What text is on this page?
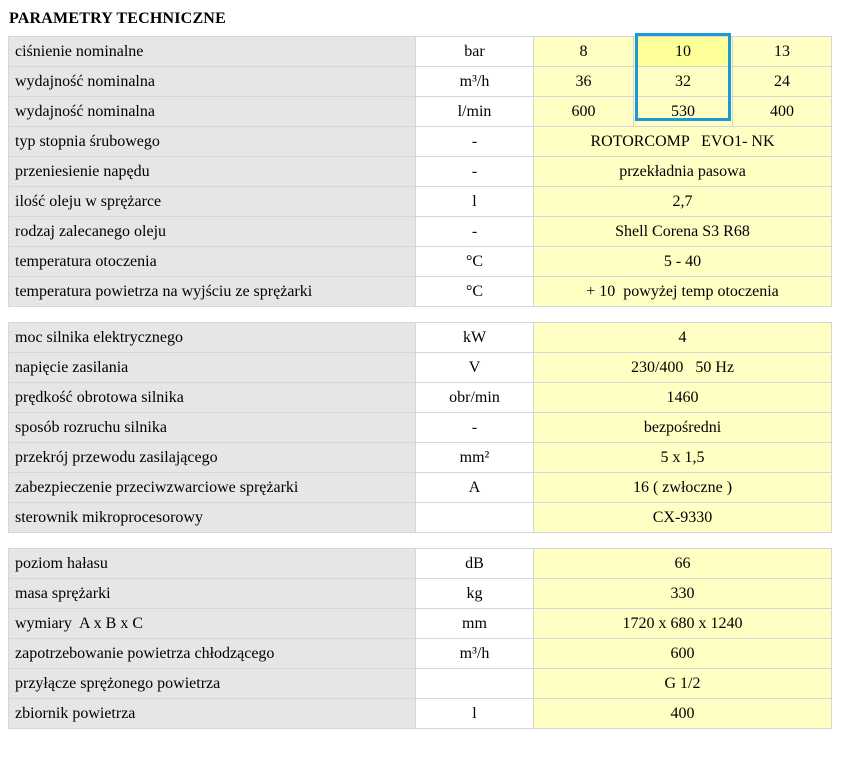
PARAMETRY TECHNICZNE
ciśnienie nominalne	bar	8	10	13
wydajność nominalna	m³/h	36	32	24
wydajność nominalna	l/min	600	530	400
typ stopnia śrubowego	-	ROTORCOMP   EVO1- NK		
przeniesienie napędu	-	przekładnia pasowa		
ilość oleju w sprężarce	l	2,7		
rodzaj zalecanego oleju	-	Shell Corena S3 R68		
temperatura otoczenia	°C	5 - 40		
temperatura powietrza na wyjściu ze sprężarki	°C	+ 10  powyżej temp otoczenia		
moc silnika elektrycznego	kW	4
napięcie zasilania	V	230/400   50 Hz
prędkość obrotowa silnika	obr/min	1460
sposób rozruchu silnika	-	bezpośredni
przekrój przewodu zasilającego	mm²	5 x 1,5
zabezpieczenie przeciwzwarciowe sprężarki	A	16 ( zwłoczne )
sterownik mikroprocesorowy		CX-9330
poziom hałasu	dB	66
masa sprężarki	kg	330
wymiary  A x B x C	mm	1720 x 680 x 1240
zapotrzebowanie powietrza chłodzącego	m³/h	600
przyłącze sprężonego powietrza		G 1/2
zbiornik powietrza	l	400
